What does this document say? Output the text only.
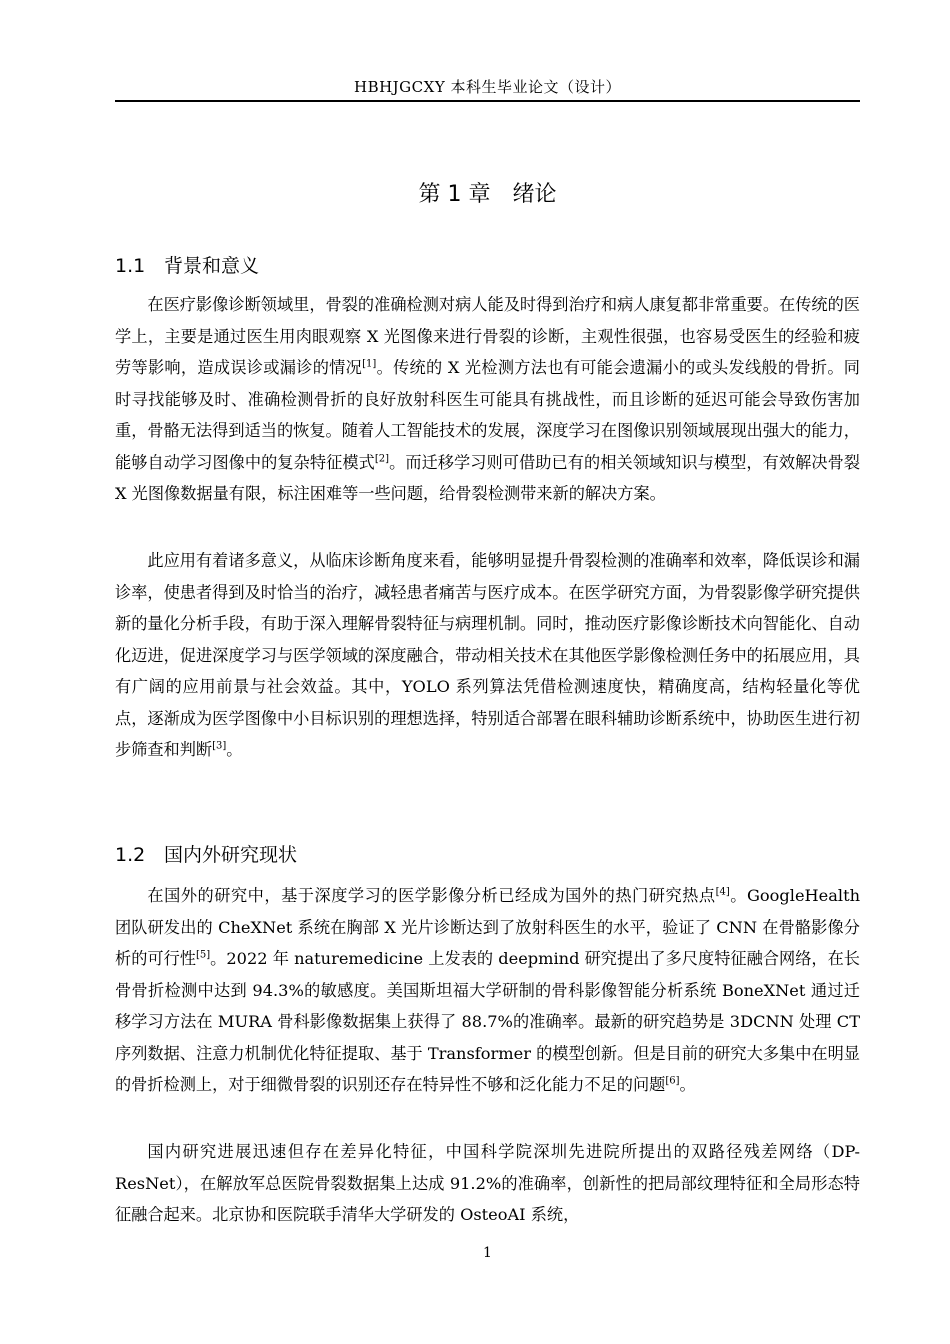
HBHJGCXY 本科生毕业论文（设计）
第 1 章 绪论
1.1 背景和意义

在医疗影像诊断领域里，骨裂的准确检测对病人能及时得到治疗和病人康复都非常重要。在传统的医学上，主要是通过医生用肉眼观察 X 光图像来进行骨裂的诊断，主观性很强，也容易受医生的经验和疲劳等影响，造成误诊或漏诊的情况[1]。传统的 X 光检测方法也有可能会遗漏小的或头发线般的骨折。同时寻找能够及时、准确检测骨折的良好放射科医生可能具有挑战性，而且诊断的延迟可能会导致伤害加重，骨骼无法得到适当的恢复。随着人工智能技术的发展，深度学习在图像识别领域展现出强大的能力，能够自动学习图像中的复杂特征模式[2]。而迁移学习则可借助已有的相关领域知识与模型，有效解决骨裂 X 光图像数据量有限，标注困难等一些问题，给骨裂检测带来新的解决方案。

此应用有着诸多意义，从临床诊断角度来看，能够明显提升骨裂检测的准确率和效率，降低误诊和漏诊率，使患者得到及时恰当的治疗，减轻患者痛苦与医疗成本。在医学研究方面，为骨裂影像学研究提供新的量化分析手段，有助于深入理解骨裂特征与病理机制。同时，推动医疗影像诊断技术向智能化、自动化迈进，促进深度学习与医学领域的深度融合，带动相关技术在其他医学影像检测任务中的拓展应用，具有广阔的应用前景与社会效益。其中，YOLO 系列算法凭借检测速度快，精确度高，结构轻量化等优点，逐渐成为医学图像中小目标识别的理想选择，特别适合部署在眼科辅助诊断系统中，协助医生进行初步筛查和判断[3]。

1.2 国内外研究现状

在国外的研究中，基于深度学习的医学影像分析已经成为国外的热门研究热点[4]。GoogleHealth 团队研发出的 CheXNet 系统在胸部 X 光片诊断达到了放射科医生的水平，验证了 CNN 在骨骼影像分析的可行性[5]。2022 年 naturemedicine 上发表的 deepmind 研究提出了多尺度特征融合网络，在长骨骨折检测中达到 94.3%的敏感度。美国斯坦福大学研制的骨科影像智能分析系统 BoneXNet 通过迁移学习方法在 MURA 骨科影像数据集上获得了 88.7%的准确率。最新的研究趋势是 3DCNN 处理 CT 序列数据、注意力机制优化特征提取、基于 Transformer 的模型创新。但是目前的研究大多集中在明显的骨折检测上，对于细微骨裂的识别还存在特异性不够和泛化能力不足的问题[6]。

国内研究进展迅速但存在差异化特征，中国科学院深圳先进院所提出的双路径残差网络（DP-ResNet），在解放军总医院骨裂数据集上达成 91.2%的准确率，创新性的把局部纹理特征和全局形态特征融合起来。北京协和医院联手清华大学研发的 OsteoAI 系统，

1
